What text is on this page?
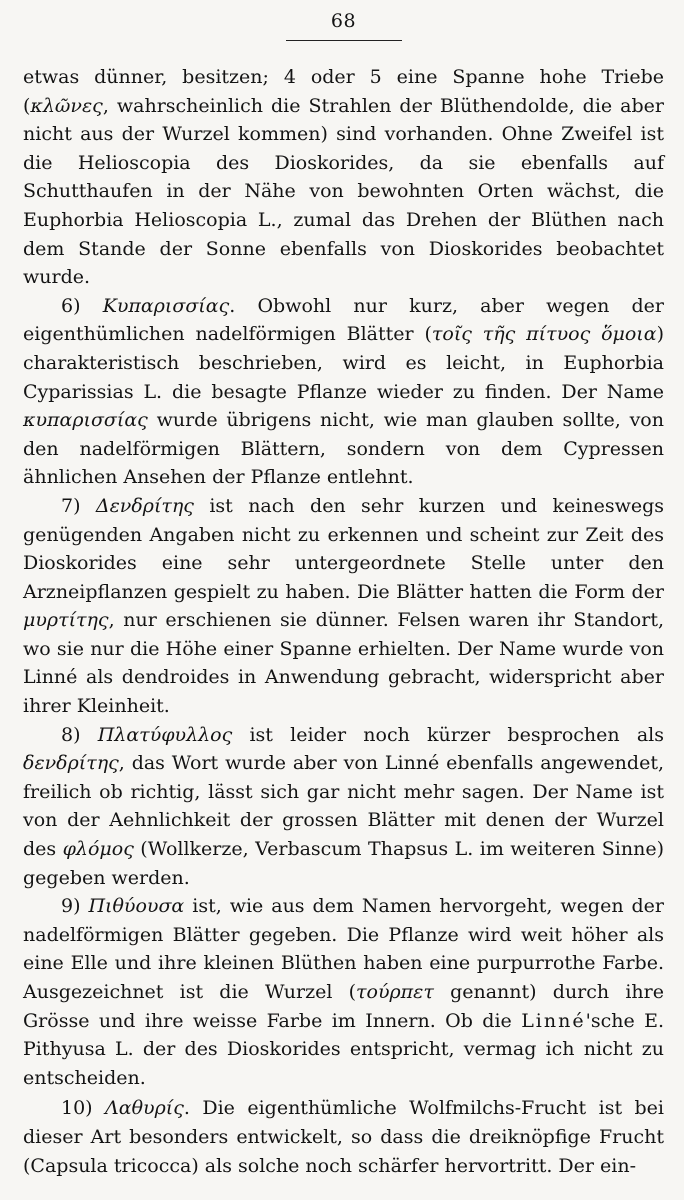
68

etwas dünner, besitzen; 4 oder 5 eine Spanne hohe Triebe (κλῶνες, wahrscheinlich die Strahlen der Blüthendolde, die aber nicht aus der Wurzel kommen) sind vorhanden. Ohne Zweifel ist die Helioscopia des Dioskorides, da sie ebenfalls auf Schutthaufen in der Nähe von bewohnten Orten wächst, die Euphorbia Helioscopia L., zumal das Drehen der Blüthen nach dem Stande der Sonne ebenfalls von Dioskorides beobachtet wurde.

6) Κυπαρισσίας. Obwohl nur kurz, aber wegen der eigenthümlichen nadelförmigen Blätter (τοῖς τῆς πίτυος ὅμοια) charakteristisch beschrieben, wird es leicht, in Euphorbia Cyparissias L. die besagte Pflanze wieder zu finden. Der Name κυπαρισσίας wurde übrigens nicht, wie man glauben sollte, von den nadelförmigen Blättern, sondern von dem Cypressen ähnlichen Ansehen der Pflanze entlehnt.

7) Δενδρίτης ist nach den sehr kurzen und keineswegs genügenden Angaben nicht zu erkennen und scheint zur Zeit des Dioskorides eine sehr untergeordnete Stelle unter den Arzneipflanzen gespielt zu haben. Die Blätter hatten die Form der μυρτίτης, nur erschienen sie dünner. Felsen waren ihr Standort, wo sie nur die Höhe einer Spanne erhielten. Der Name wurde von Linné als dendroides in Anwendung gebracht, widerspricht aber ihrer Kleinheit.

8) Πλατύφυλλος ist leider noch kürzer besprochen als δενδρίτης, das Wort wurde aber von Linné ebenfalls angewendet, freilich ob richtig, lässt sich gar nicht mehr sagen. Der Name ist von der Aehnlichkeit der grossen Blätter mit denen der Wurzel des φλόμος (Wollkerze, Verbascum Thapsus L. im weiteren Sinne) gegeben werden.

9) Πιθύουσα ist, wie aus dem Namen hervorgeht, wegen der nadelförmigen Blätter gegeben. Die Pflanze wird weit höher als eine Elle und ihre kleinen Blüthen haben eine purpurrothe Farbe. Ausgezeichnet ist die Wurzel (τούρπετ genannt) durch ihre Grösse und ihre weisse Farbe im Innern. Ob die Linné'sche E. Pithyusa L. der des Dioskorides entspricht, vermag ich nicht zu entscheiden.

10) Λαθυρίς. Die eigenthümliche Wolfmilchs-Frucht ist bei dieser Art besonders entwickelt, so dass die dreiknöpfige Frucht (Capsula tricocca) als solche noch schärfer hervortritt. Der ein-
